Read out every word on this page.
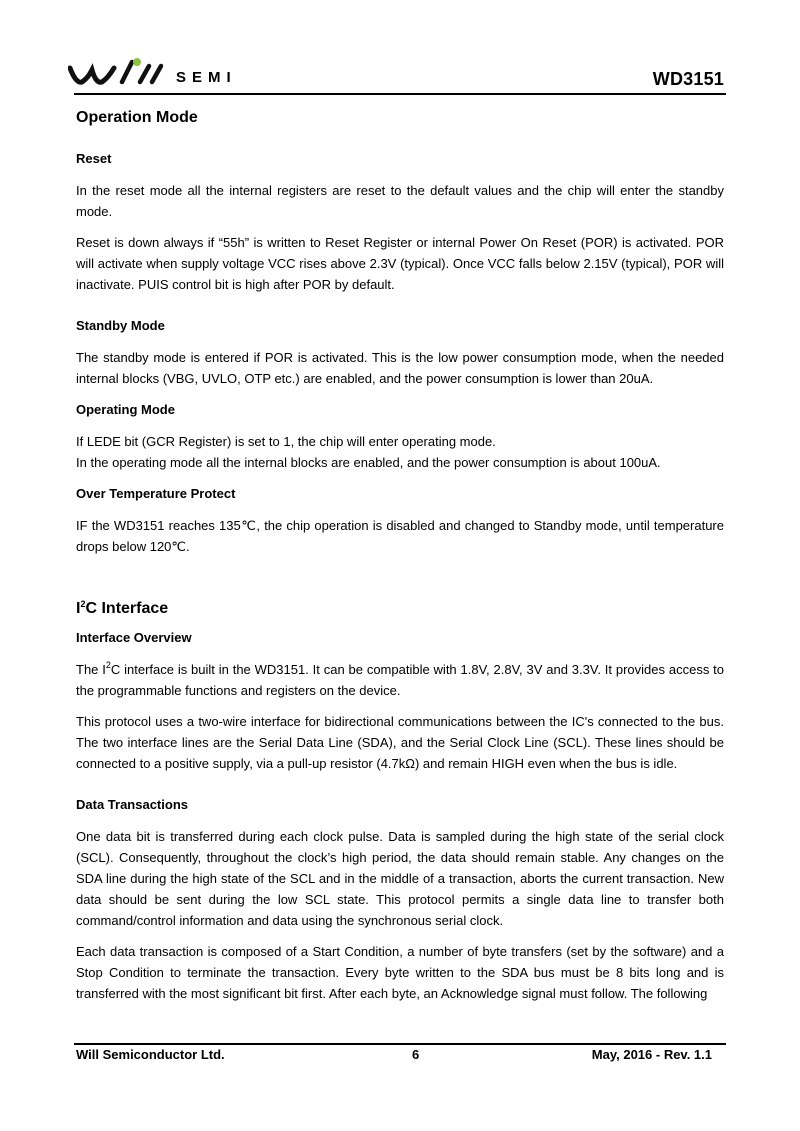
SEMI	WD3151
Operation Mode
Reset

In the reset mode all the internal registers are reset to the default values and the chip will enter the standby mode.

Reset is down always if “55h” is written to Reset Register or internal Power On Reset (POR) is activated. POR will activate when supply voltage VCC rises above 2.3V (typical). Once VCC falls below 2.15V (typical), POR will inactivate. PUIS control bit is high after POR by default.

Standby Mode

The standby mode is entered if POR is activated. This is the low power consumption mode, when the needed internal blocks (VBG, UVLO, OTP etc.) are enabled, and the power consumption is lower than 20uA.

Operating Mode

If LEDE bit (GCR Register) is set to 1, the chip will enter operating mode.

In the operating mode all the internal blocks are enabled, and the power consumption is about 100uA.

Over Temperature Protect

IF the WD3151 reaches 135℃, the chip operation is disabled and changed to Standby mode, until temperature drops below 120℃.

$I^2C$ Interface
Interface Overview

The $I^2C$ interface is built in the WD3151. It can be compatible with 1.8V, 2.8V, 3V and 3.3V. It provides access to the programmable functions and registers on the device.

This protocol uses a two-wire interface for bidirectional communications between the IC's connected to the bus. The two interface lines are the Serial Data Line (SDA), and the Serial Clock Line (SCL). These lines should be connected to a positive supply, via a pull-up resistor (4.7kΩ) and remain HIGH even when the bus is idle.

Data Transactions

One data bit is transferred during each clock pulse. Data is sampled during the high state of the serial clock (SCL). Consequently, throughout the clock’s high period, the data should remain stable. Any changes on the SDA line during the high state of the SCL and in the middle of a transaction, aborts the current transaction. New data should be sent during the low SCL state. This protocol permits a single data line to transfer both command/control information and data using the synchronous serial clock.

Each data transaction is composed of a Start Condition, a number of byte transfers (set by the software) and a Stop Condition to terminate the transaction. Every byte written to the SDA bus must be 8 bits long and is transferred with the most significant bit first. After each byte, an Acknowledge signal must follow. The following

Will Semiconductor Ltd.	6	May, 2016 - Rev. 1.1
